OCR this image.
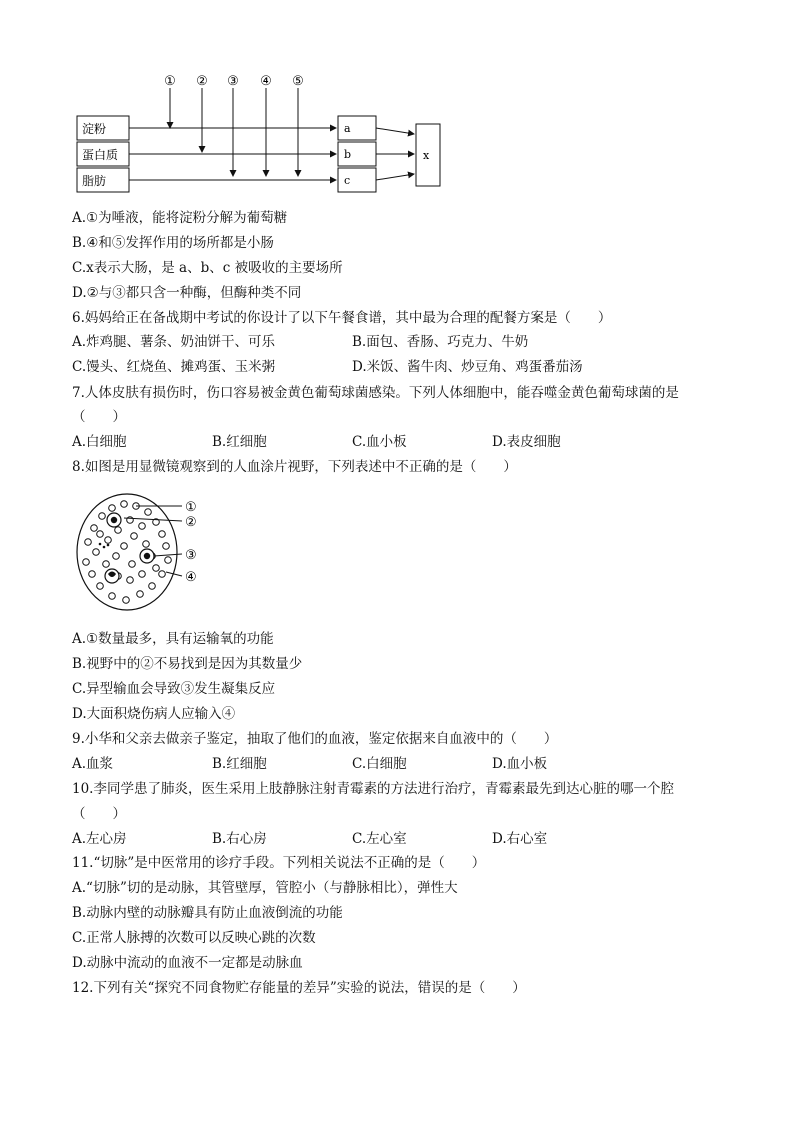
① ② ③ ④ ⑤
淀粉
蛋白质
脂肪
a
b
c
x
A.①为唾液，能将淀粉分解为葡萄糖
B.④和⑤发挥作用的场所都是小肠
C.x表示大肠，是 a、b、c 被吸收的主要场所
D.②与③都只含一种酶，但酶种类不同
6.妈妈给正在备战期中考试的你设计了以下午餐食谱，其中最为合理的配餐方案是（　　）
A.炸鸡腿、薯条、奶油饼干、可乐	B.面包、香肠、巧克力、牛奶
C.馒头、红烧鱼、摊鸡蛋、玉米粥	D.米饭、酱牛肉、炒豆角、鸡蛋番茄汤
7.人体皮肤有损伤时，伤口容易被金黄色葡萄球菌感染。下列人体细胞中，能吞噬金黄色葡萄球菌的是
（　　）
A.白细胞	B.红细胞	C.血小板	D.表皮细胞
8.如图是用显微镜观察到的人血涂片视野，下列表述中不正确的是（　　）
①
②
③
④
A.①数量最多，具有运输氧的功能
B.视野中的②不易找到是因为其数量少
C.异型输血会导致③发生凝集反应
D.大面积烧伤病人应输入④
9.小华和父亲去做亲子鉴定，抽取了他们的血液，鉴定依据来自血液中的（　　）
A.血浆	B.红细胞	C.白细胞	D.血小板
10.李同学患了肺炎，医生采用上肢静脉注射青霉素的方法进行治疗，青霉素最先到达心脏的哪一个腔
（　　）
A.左心房	B.右心房	C.左心室	D.右心室
11.“切脉”是中医常用的诊疗手段。下列相关说法不正确的是（　　）
A.“切脉”切的是动脉，其管壁厚，管腔小（与静脉相比），弹性大
B.动脉内壁的动脉瓣具有防止血液倒流的功能
C.正常人脉搏的次数可以反映心跳的次数
D.动脉中流动的血液不一定都是动脉血
12.下列有关“探究不同食物贮存能量的差异”实验的说法，错误的是（　　）
